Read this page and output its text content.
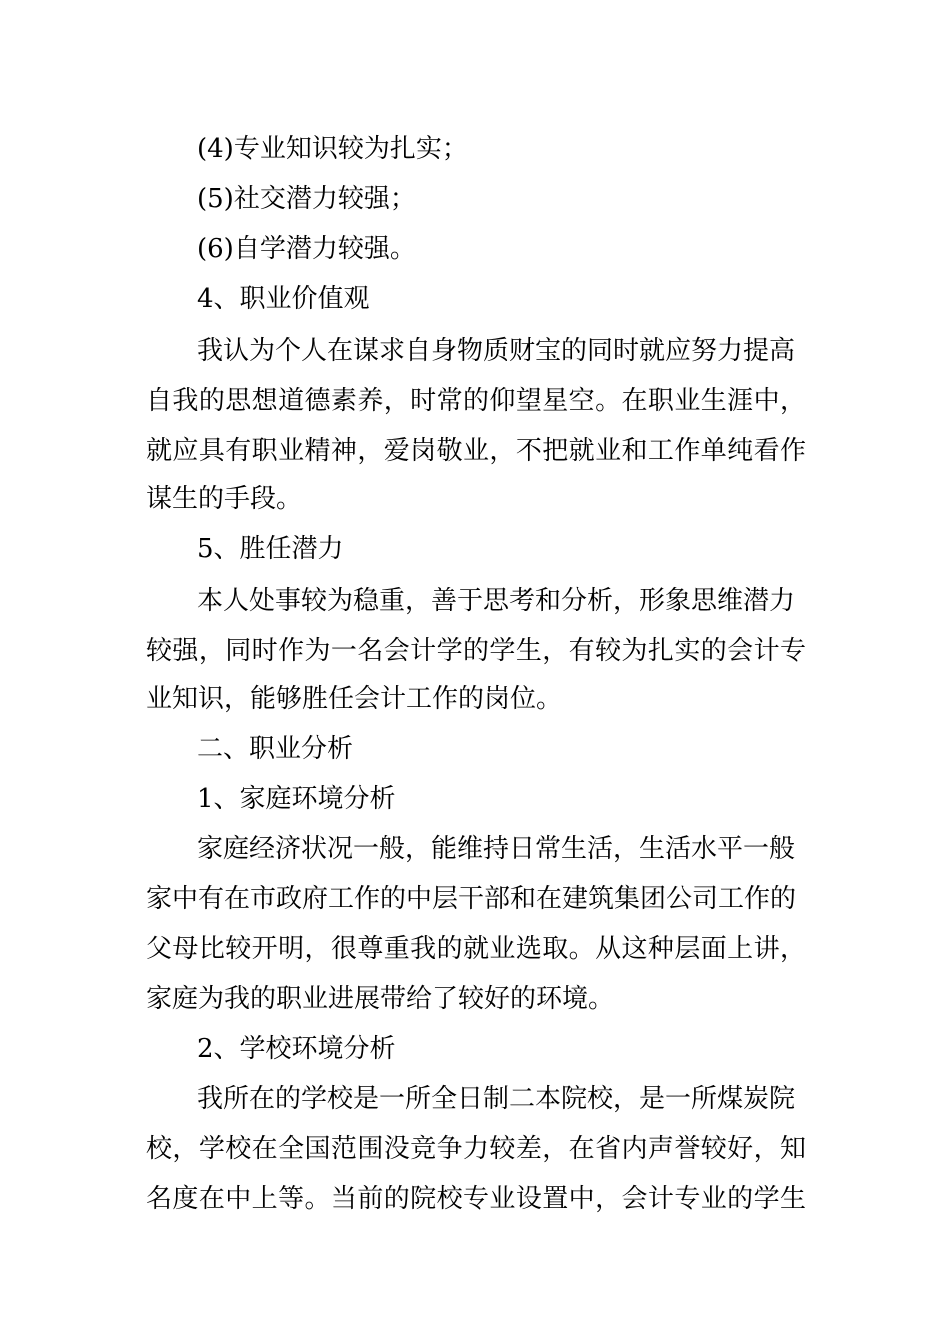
(4)专业知识较为扎实；

(5)社交潜力较强；

(6)自学潜力较强。

4、职业价值观

我认为个人在谋求自身物质财宝的同时就应努力提高

自我的思想道德素养，时常的仰望星空。在职业生涯中，

就应具有职业精神，爱岗敬业，不把就业和工作单纯看作

谋生的手段。

5、胜任潜力

本人处事较为稳重，善于思考和分析，形象思维潜力

较强，同时作为一名会计学的学生，有较为扎实的会计专

业知识，能够胜任会计工作的岗位。

二、职业分析

1、家庭环境分析

家庭经济状况一般，能维持日常生活，生活水平一般

家中有在市政府工作的中层干部和在建筑集团公司工作的

父母比较开明，很尊重我的就业选取。从这种层面上讲，

家庭为我的职业进展带给了较好的环境。

2、学校环境分析

我所在的学校是一所全日制二本院校，是一所煤炭院

校，学校在全国范围没竞争力较差，在省内声誉较好，知

名度在中上等。当前的院校专业设置中，会计专业的学生
